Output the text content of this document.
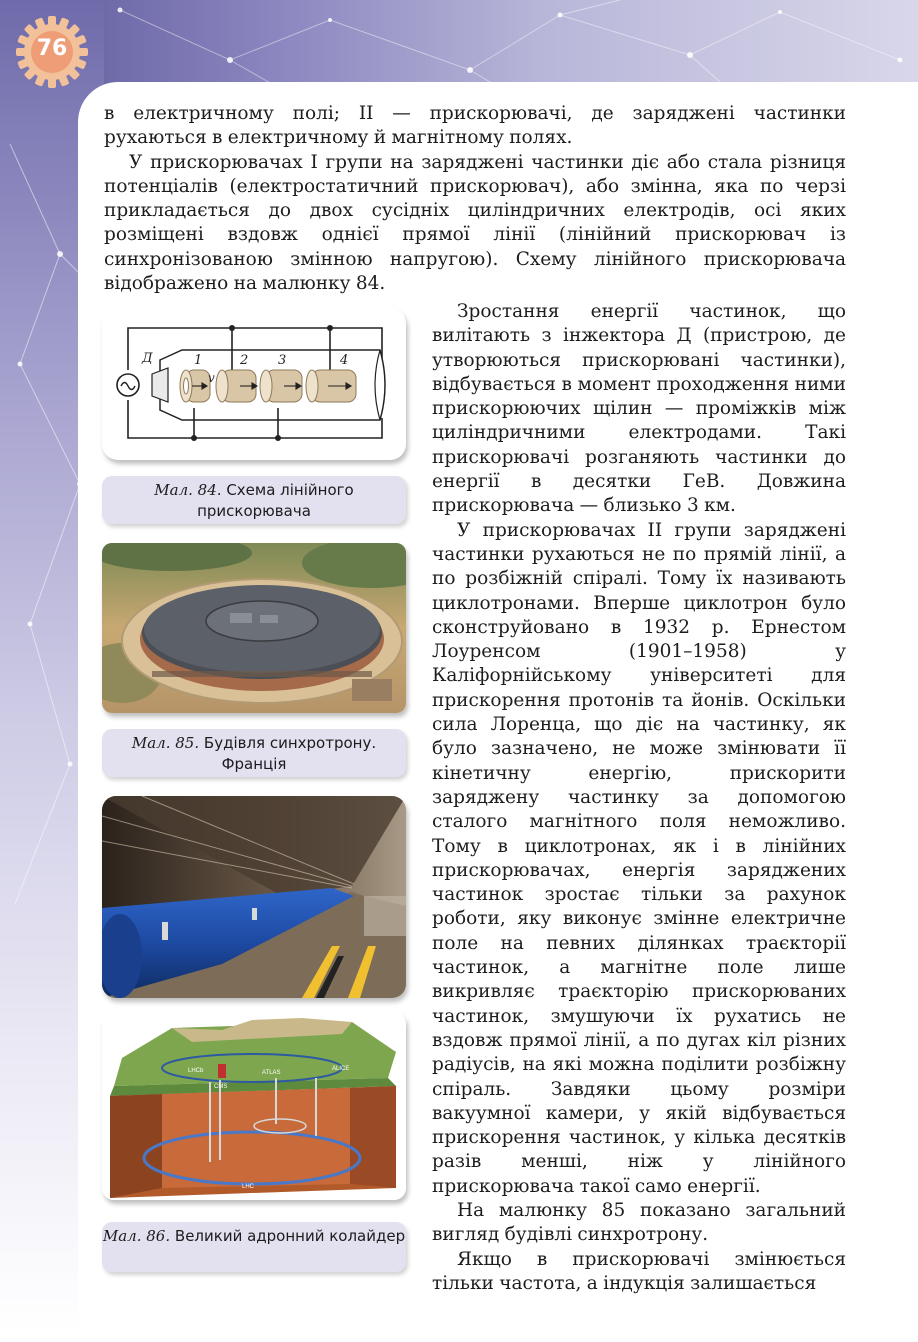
76

в електричному полі; II — прискорювачі, де заряджені частинки рухаються в електричному й магнітному полях.

У прискорювачах I групи на заряджені частинки діє або стала різниця потенціалів (електростатичний прискорювач), або змінна, яка по черзі прикладається до двох сусідніх циліндричних електродів, осі яких розміщені вздовж однієї прямої лінії (лінійний прискорювач із синхронізованою змінною напругою). Схему лінійного прискорювача відображено на малюнку 84.

Зростання енергії частинок, що вилітають з інжектора Д (пристрою, де утворюються прискорювані частинки), відбувається в момент проходження ними прискорюючих щілин — проміжків між циліндричними електродами. Такі прискорювачі розганяють частинки до енергії в десятки ГеВ. Довжина прискорювача — близько 3 км.

У прискорювачах II групи заряджені частинки рухаються не по прямій лінії, а по розбіжній спіралі. Тому їх називають циклотронами. Вперше циклотрон було сконструйовано в 1932 р. Ернестом Лоуренсом (1901–1958) у Каліфорнійському університеті для прискорення протонів та йонів. Оскільки сила Лоренца, що діє на частинку, як було зазначено, не може змінювати її кінетичну енергію, прискорити заряджену частинку за допомогою сталого магнітного поля неможливо. Тому в циклотронах, як і в лінійних прискорювачах, енергія заряджених частинок зростає тільки за рахунок роботи, яку виконує змінне електричне поле на певних ділянках траєкторії частинок, а магнітне поле лише викривляє траєкторію прискорюваних частинок, змушуючи їх рухатись не вздовж прямої лінії, а по дугах кіл різних радіусів, на які можна поділити розбіжну спіраль. Завдяки цьому розміри вакуумної камери, у якій відбувається прискорення частинок, у кілька десятків разів менші, ніж у лінійного прискорювача такої само енергії.

На малюнку 85 показано загальний вигляд будівлі синхротрону.

Якщо в прискорювачі змінюється тільки частота, а індукція залишається

Д	1
v
2 3	4
Мал. 84. Схема лінійного прискорювача
Мал. 85. Будівля синхротрону. Франція
LHCb
CMS
ATLAS
ALICE
LHC
Мал. 86. Великий адронний колайдер
